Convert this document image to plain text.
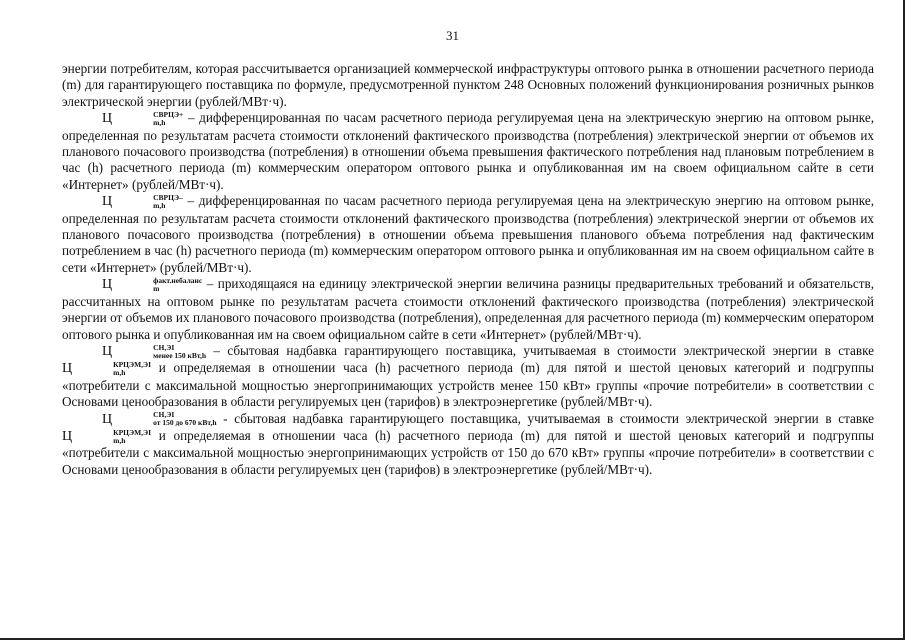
31

энергии потребителям, которая рассчитывается организацией коммерческой инфраструктуры оптового рынка в отношении расчетного периода (m) для гарантирующего поставщика по формуле, предусмотренной пунктом 248 Основных положений функционирования розничных рынков электрической энергии (рублей/МВт·ч).

Ц	СВРЦЭ+
m,h	– дифференцированная по часам расчетного периода регулируемая цена на электрическую энергию на оптовом рынке, определенная по результатам расчета стоимости отклонений фактического производства (потребления) электрической энергии от объемов их планового почасового производства (потребления) в отношении объема превышения фактического потребления над плановым потреблением в час (h) расчетного периода (m) коммерческим оператором оптового рынка и опубликованная им на своем официальном сайте в сети «Интернет» (рублей/МВт·ч).

Ц	СВРЦЭ–
m,h	– дифференцированная по часам расчетного периода регулируемая цена на электрическую энергию на оптовом рынке, определенная по результатам расчета стоимости отклонений фактического производства (потребления) электрической энергии от объемов их планового почасового производства (потребления) в отношении объема превышения планового объема потребления над фактическим потреблением в час (h) расчетного периода (m) коммерческим оператором оптового рынка и опубликованная им на своем официальном сайте в сети «Интернет» (рублей/МВт·ч).

Ц	факт.небаланс
m	– приходящаяся на единицу электрической энергии величина разницы предварительных требований и обязательств, рассчитанных на оптовом рынке по результатам расчета стоимости отклонений фактического производства (потребления) электрической энергии от объемов их планового почасового производства (потребления), определенная для расчетного периода (m) коммерческим оператором оптового рынка и опубликованная им на своем официальном сайте в сети «Интернет» (рублей/МВт·ч).

Ц	СН,ЭI
менее 150 кВт,h – сбытовая надбавка гарантирующего поставщика, учитываемая в стоимости электрической энергии в ставке Ц	КРЦЭМ,ЭI
m,h	и определяемая в отношении часа (h) расчетного периода (m) для пятой и шестой ценовых категорий и подгруппы «потребители с максимальной мощностью энергопринимающих устройств менее 150 кВт» группы «прочие потребители» в соответствии с Основами ценообразования в области регулируемых цен (тарифов) в электроэнергетике (рублей/МВт·ч).

Ц	СН,ЭI
от 150 до 670 кВт,h - сбытовая надбавка гарантирующего поставщика, учитываемая в стоимости электрической энергии в ставке Ц	КРЦЭМ,ЭI
m,h	и определяемая в отношении часа (h) расчетного периода (m) для пятой и шестой ценовых категорий и подгруппы «потребители с максимальной мощностью энергопринимающих устройств от 150 до 670 кВт» группы «прочие потребители» в соответствии с Основами ценообразования в области регулируемых цен (тарифов) в электроэнергетике (рублей/МВт·ч).
